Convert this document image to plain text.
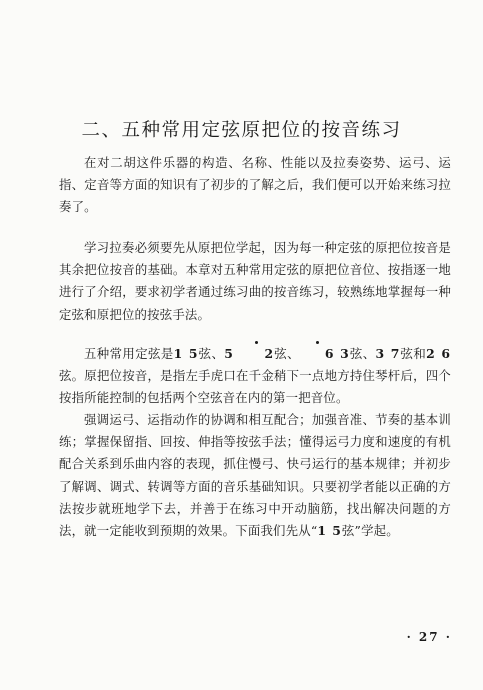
二、五种常用定弦原把位的按音练习

在对二胡这件乐器的构造、名称、性能以及拉奏姿势、运弓、运指、定音等方面的知识有了初步的了解之后，我们便可以开始来练习拉奏了。

学习拉奏必须要先从原把位学起，因为每一种定弦的原把位按音是其余把位按音的基础。本章对五种常用定弦的原把位音位、按指逐一地进行了介绍，要求初学者通过练习曲的按音练习，较熟练地掌握每一种定弦和原把位的按弦手法。

五种常用定弦是1 5弦、5 2弦、 6 3弦、3 7弦和2 6弦。原把位按音，是指左手虎口在千金稍下一点地方持住琴杆后，四个按指所能控制的包括两个空弦音在内的第一把音位。

强调运弓、运指动作的协调和相互配合；加强音准、节奏的基本训练；掌握保留指、回按、伸指等按弦手法；懂得运弓力度和速度的有机配合关系到乐曲内容的表现，抓住慢弓、快弓运行的基本规律；并初步了解调、调式、转调等方面的音乐基础知识。只要初学者能以正确的方法按步就班地学下去，并善于在练习中开动脑筋，找出解决问题的方法，就一定能收到预期的效果。下面我们先从“1 5弦”学起。

· 27 ·
